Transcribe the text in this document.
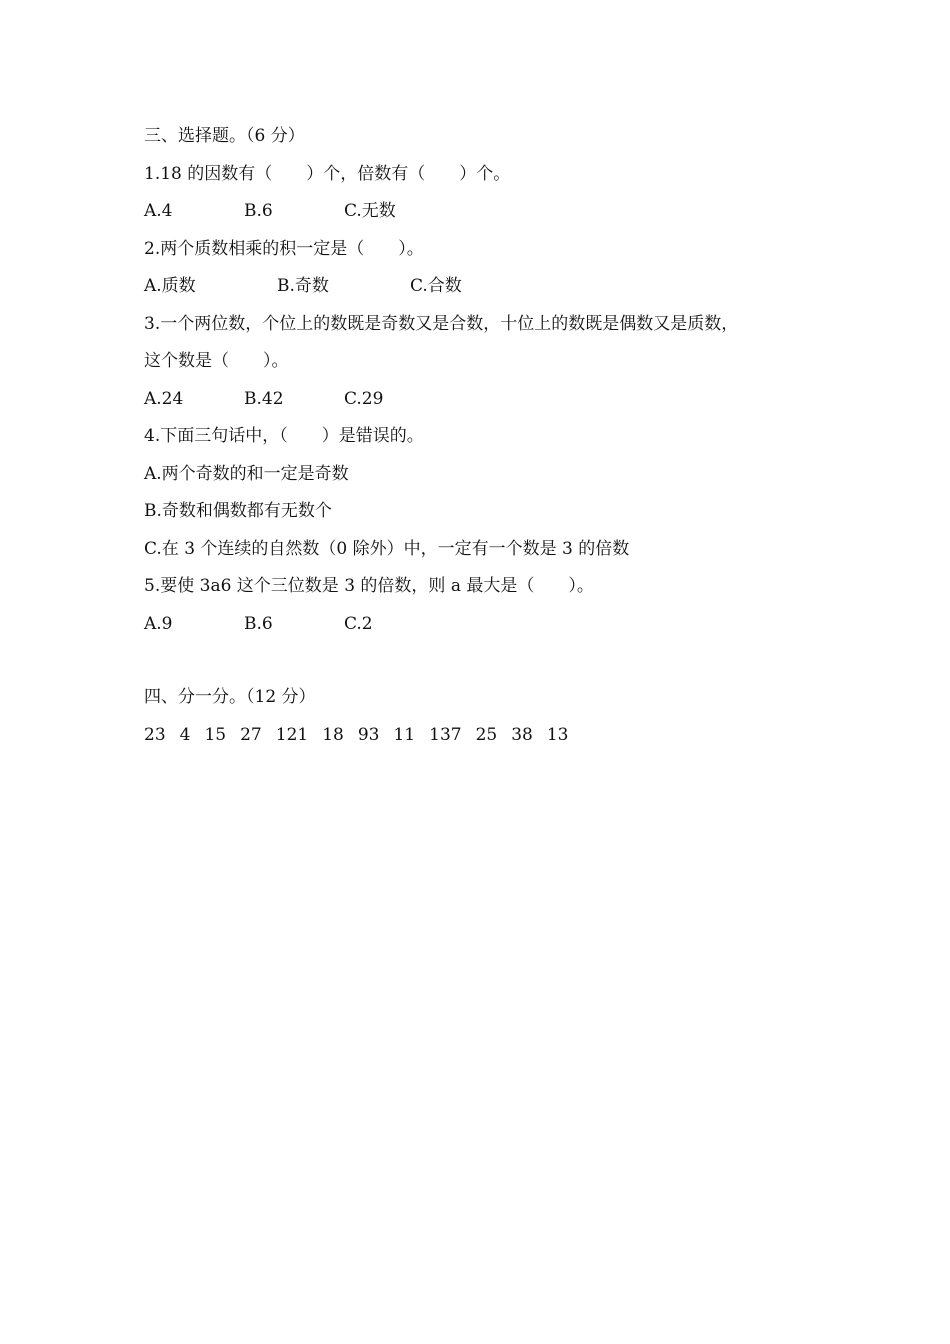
三、选择题。（6 分）
1.18 的因数有（　　）个，倍数有（　　）个。
A.4	B.6	C.无数
2.两个质数相乘的积一定是（　　）。
A.质数	B.奇数	C.合数
3.一个两位数，个位上的数既是奇数又是合数，十位上的数既是偶数又是质数，
这个数是（　　）。
A.24	B.42	C.29
4.下面三句话中，（　　）是错误的。
A.两个奇数的和一定是奇数
B.奇数和偶数都有无数个
C.在 3 个连续的自然数（0 除外）中，一定有一个数是 3 的倍数
5.要使 3a6 这个三位数是 3 的倍数，则 a 最大是（　　）。
A.9	B.6	C.2
四、分一分。（12 分）
23 4 15 27 121 18 93 11 137 25 38 13
